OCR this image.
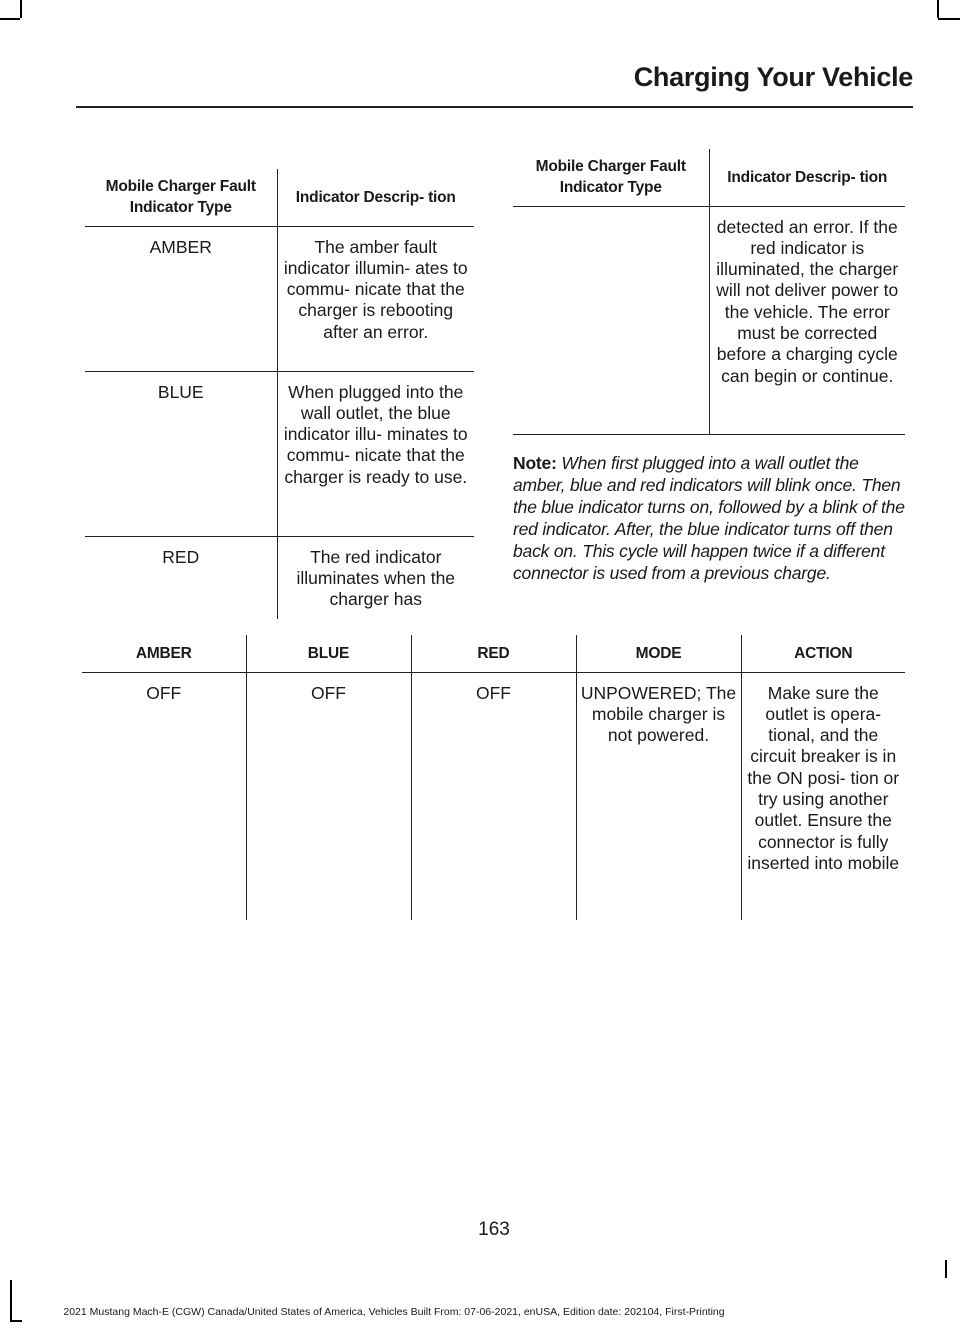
Charging Your Vehicle
Mobile Charger Fault Indicator Type	Indicator Descrip- tion
AMBER	The amber fault indicator illumin- ates to commu- nicate that the charger is rebooting after an error.
BLUE	When plugged into the wall outlet, the blue indicator illu- minates to commu- nicate that the charger is ready to use.
RED	The red indicator illuminates when the charger has
Mobile Charger Fault Indicator Type	Indicator Descrip- tion
	detected an error. If the red indicator is illuminated, the charger will not deliver power to the vehicle. The error must be corrected before a charging cycle can begin or continue.

Note: When first plugged into a wall outlet the amber, blue and red indicators will blink once. Then the blue indicator turns on, followed by a blink of the red indicator. After, the blue indicator turns off then back on. This cycle will happen twice if a different connector is used from a previous charge.

AMBER	BLUE	RED	MODE	ACTION
OFF	OFF	OFF	UNPOWERED; The mobile charger is not powered.	Make sure the outlet is opera- tional, and the circuit breaker is in the ON posi- tion or try using another outlet. Ensure the connector is fully inserted into mobile
163
2021 Mustang Mach-E (CGW) Canada/United States of America, Vehicles Built From: 07-06-2021, enUSA, Edition date: 202104, First-Printing
